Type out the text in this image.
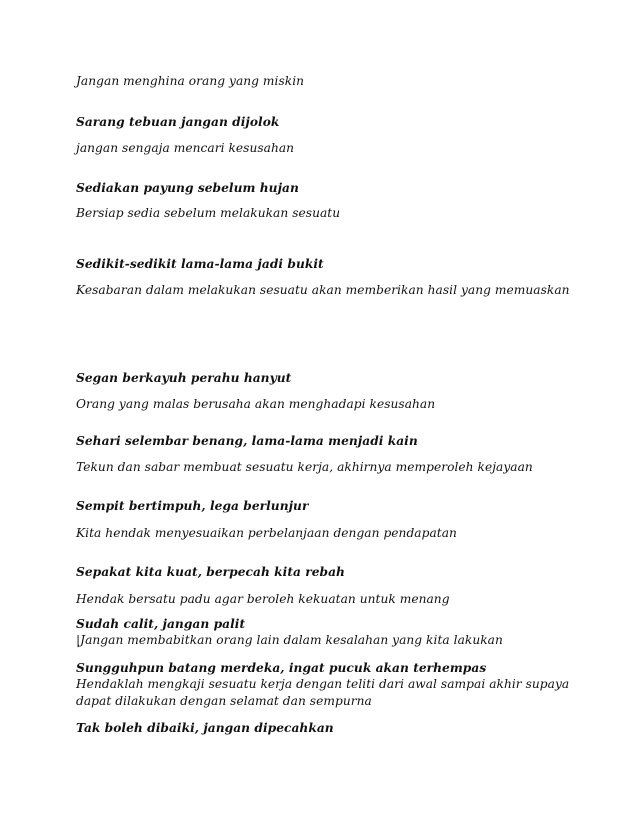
Jangan menghina orang yang miskin
Sarang tebuan jangan dijolok
jangan sengaja mencari kesusahan
Sediakan payung sebelum hujan
Bersiap sedia sebelum melakukan sesuatu
Sedikit-sedikit lama-lama jadi bukit
Kesabaran dalam melakukan sesuatu akan memberikan hasil yang memuaskan
Segan berkayuh perahu hanyut
Orang yang malas berusaha akan menghadapi kesusahan
Sehari selembar benang, lama-lama menjadi kain
Tekun dan sabar membuat sesuatu kerja, akhirnya memperoleh kejayaan
Sempit bertimpuh, lega berlunjur
Kita hendak menyesuaikan perbelanjaan dengan pendapatan
Sepakat kita kuat, berpecah kita rebah
Hendak bersatu padu agar beroleh kekuatan untuk menang
Sudah calit, jangan palit
|Jangan membabitkan orang lain dalam kesalahan yang kita lakukan
Sungguhpun batang merdeka, ingat pucuk akan terhempas
Hendaklah mengkaji sesuatu kerja dengan teliti dari awal sampai akhir supaya
dapat dilakukan dengan selamat dan sempurna
Tak boleh dibaiki, jangan dipecahkan
